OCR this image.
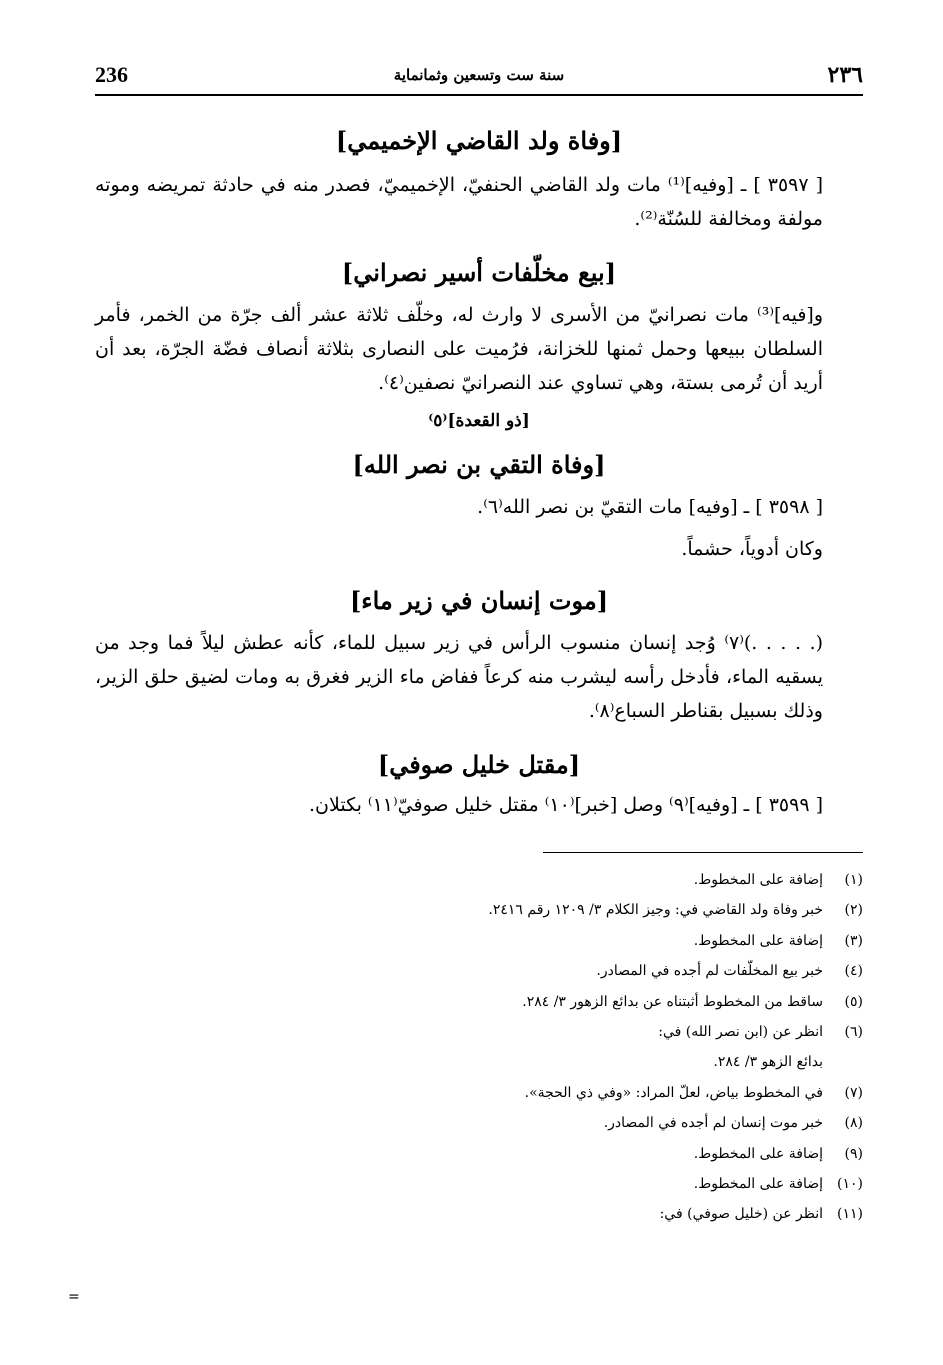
236	سنة ست وتسعين وثمانماية	٢٣٦
[وفاة ولد القاضي الإخميمي]

[ ٣٥٩٧ ] ـ [وفيه]⁽¹⁾ مات ولد القاضي الحنفيّ، الإخميميّ، فصدر منه في حادثة تمريضه وموته مولفة ومخالفة للسُنّة⁽²⁾.

[بيع مخلّفات أسير نصراني]

و[فيه]⁽³⁾ مات نصرانيّ من الأسرى لا وارث له، وخلّف ثلاثة عشر ألف جرّة من الخمر، فأمر السلطان ببيعها وحمل ثمنها للخزانة، فرُميت على النصارى بثلاثة أنصاف فضّة الجرّة، بعد أن أريد أن تُرمى بستة، وهي تساوي عند النصرانيّ نصفين⁽٤⁾.

[ذو القعدة]⁽٥⁾
[وفاة التقي بن نصر الله]

[ ٣٥٩٨ ] ـ [وفيه] مات التقيّ بن نصر الله⁽٦⁾.

وكان أدوياً، حشماً.

[موت إنسان في زير ماء]

(. . . . .)⁽٧⁾ وُجد إنسان منسوب الرأس في زير سبيل للماء، كأنه عطش ليلاً فما وجد من يسقيه الماء، فأدخل رأسه ليشرب منه كرعاً ففاض ماء الزير فغرق به ومات لضيق حلق الزير، وذلك بسبيل بقناطر السباع⁽٨⁾.

[مقتل خليل صوفي]

[ ٣٥٩٩ ] ـ [وفيه]⁽٩⁾ وصل [خبر]⁽١٠⁾ مقتل خليل صوفيّ⁽١١⁾ بكتلان.

(١)إضافة على المخطوط.
(٢)خبر وفاة ولد القاضي في: وجيز الكلام ٣/ ١٢٠٩ رقم ٢٤١٦.
(٣)إضافة على المخطوط.
(٤)خبر بيع المخلّفات لم أجده في المصادر.
(٥)ساقط من المخطوط أثبتناه عن بدائع الزهور ٣/ ٢٨٤.
(٦)انظر عن (ابن نصر الله) في:
بدائع الزهو ٣/ ٢٨٤.
(٧)في المخطوط بياض، لعلّ المراد: «وفي ذي الحجة».
(٨)خبر موت إنسان لم أجده في المصادر.
(٩)إضافة على المخطوط.
(١٠)إضافة على المخطوط.
(١١)انظر عن (خليل صوفي) في:
=
